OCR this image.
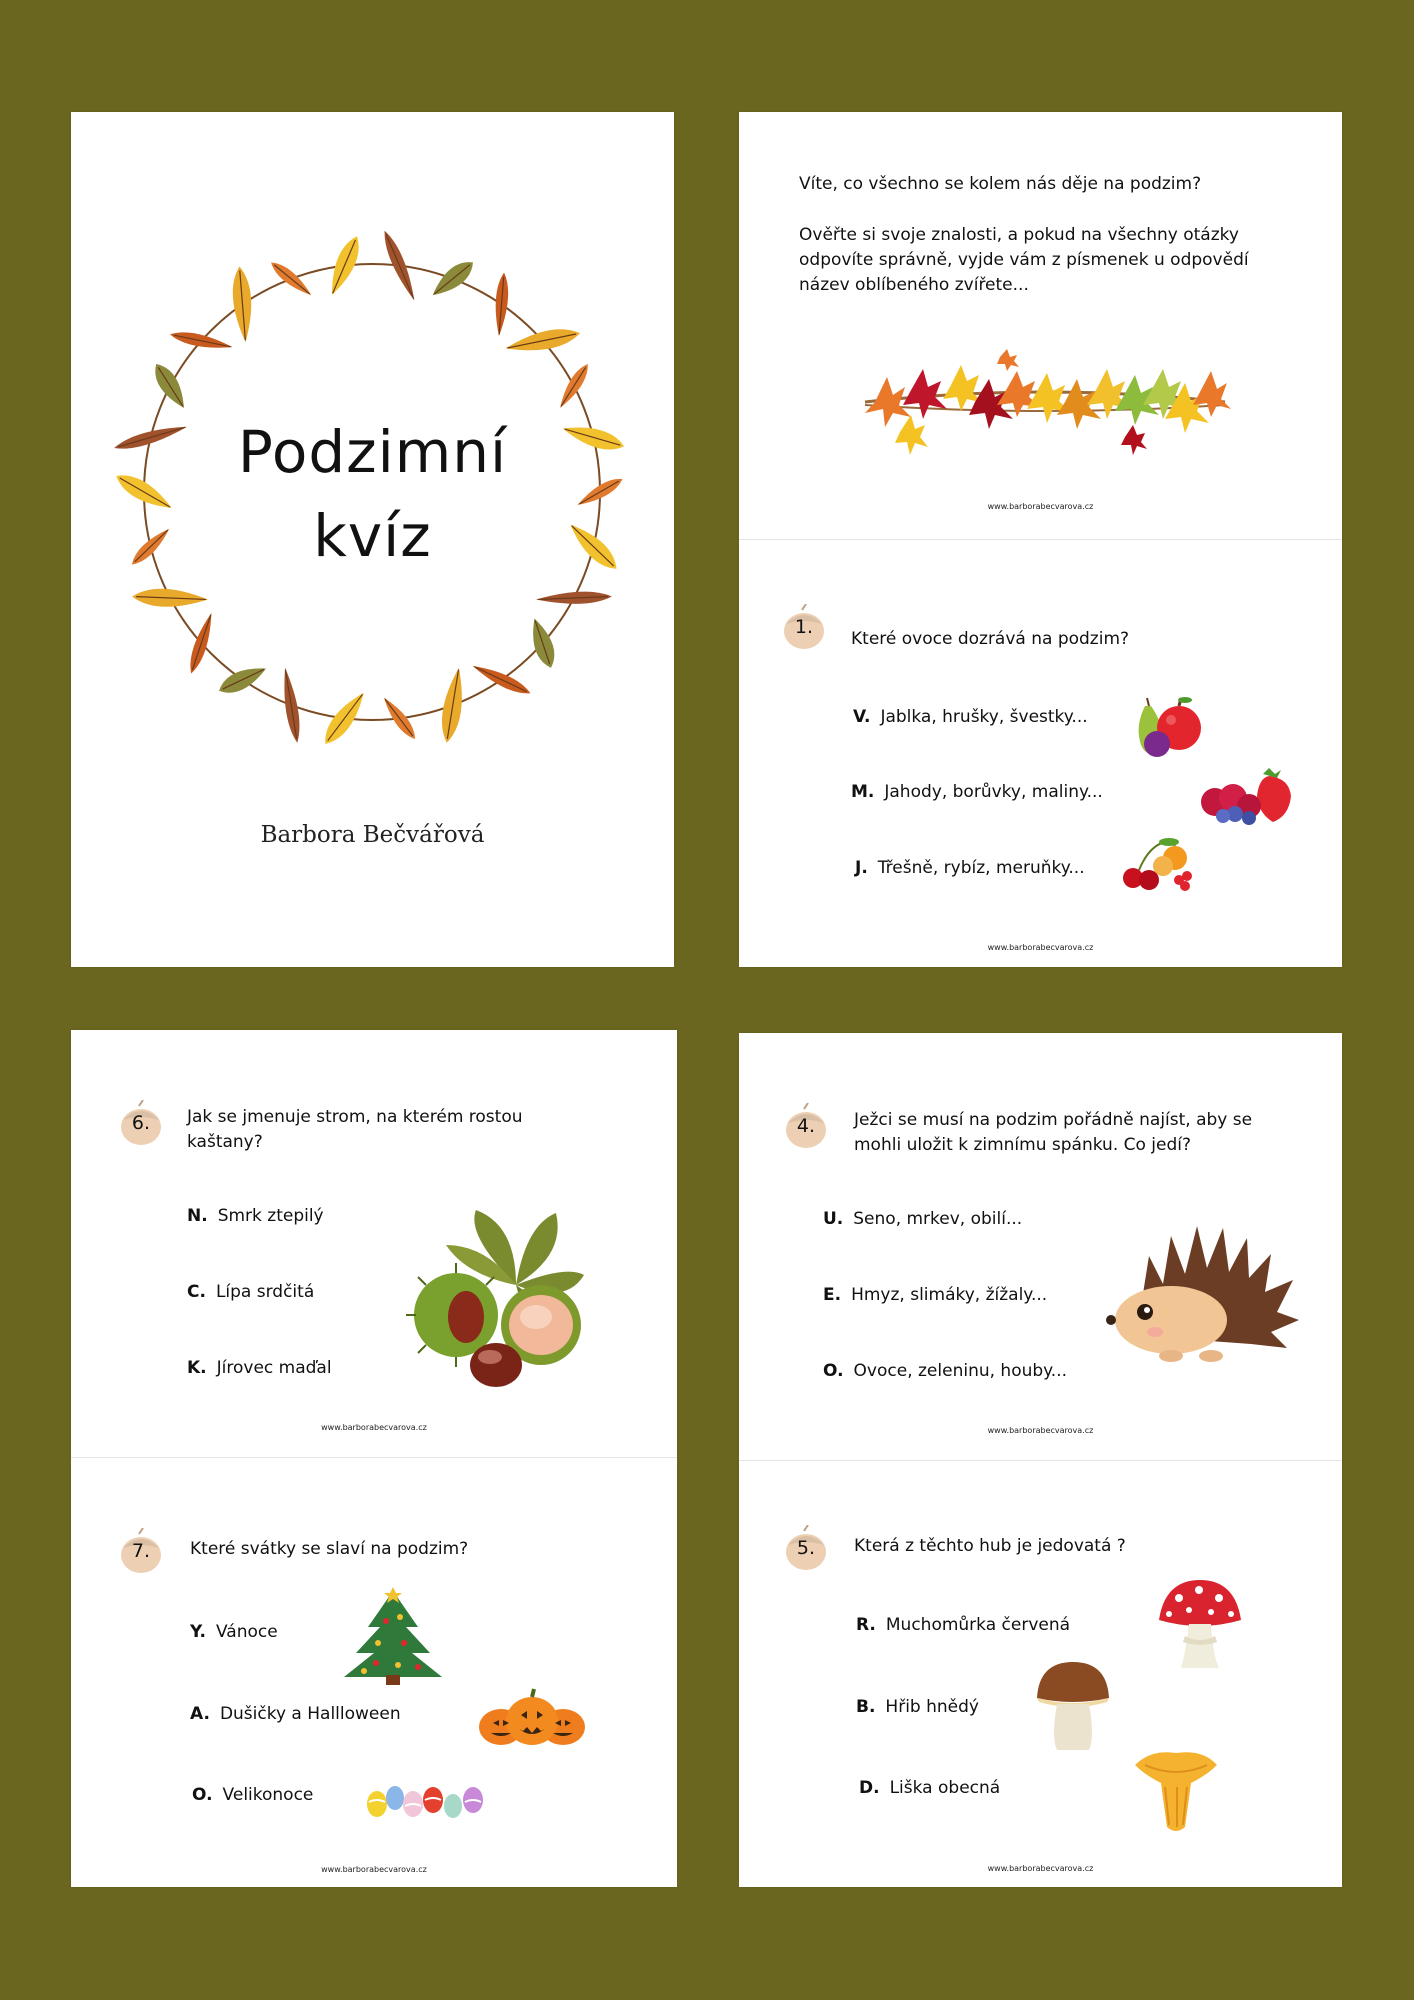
Podzimní
kvíz
Barbora Bečvářová
Víte, co všechno se kolem nás děje na podzim?
Ověřte si svoje znalosti, a pokud na všechny otázky odpovíte správně, vyjde vám z písmenek u odpovědí název oblíbeného zvířete...
www.barborabecvarova.cz
1.
Které ovoce dozrává na podzim?
V. Jablka, hrušky, švestky...
M. Jahody, borůvky, maliny...
J. Třešně, rybíz, meruňky...
www.barborabecvarova.cz
6.	Jak se jmenuje strom, na kterém rostou kaštany?
N. Smrk ztepilý
C. Lípa srdčitá
K. Jírovec maďal
www.barborabecvarova.cz
7.	Které svátky se slaví na podzim?
Y. Vánoce
A. Dušičky a Hallloween
O. Velikonoce
www.barborabecvarova.cz
4.	Ježci se musí na podzim pořádně najíst, aby se mohli uložit k zimnímu spánku. Co jedí?
U. Seno, mrkev, obilí...
E. Hmyz, slimáky, žížaly...
O. Ovoce, zeleninu, houby...
www.barborabecvarova.cz
5.	Která z těchto hub je jedovatá ?
R. Muchomůrka červená
B. Hřib hnědý
D. Liška obecná
www.barborabecvarova.cz
